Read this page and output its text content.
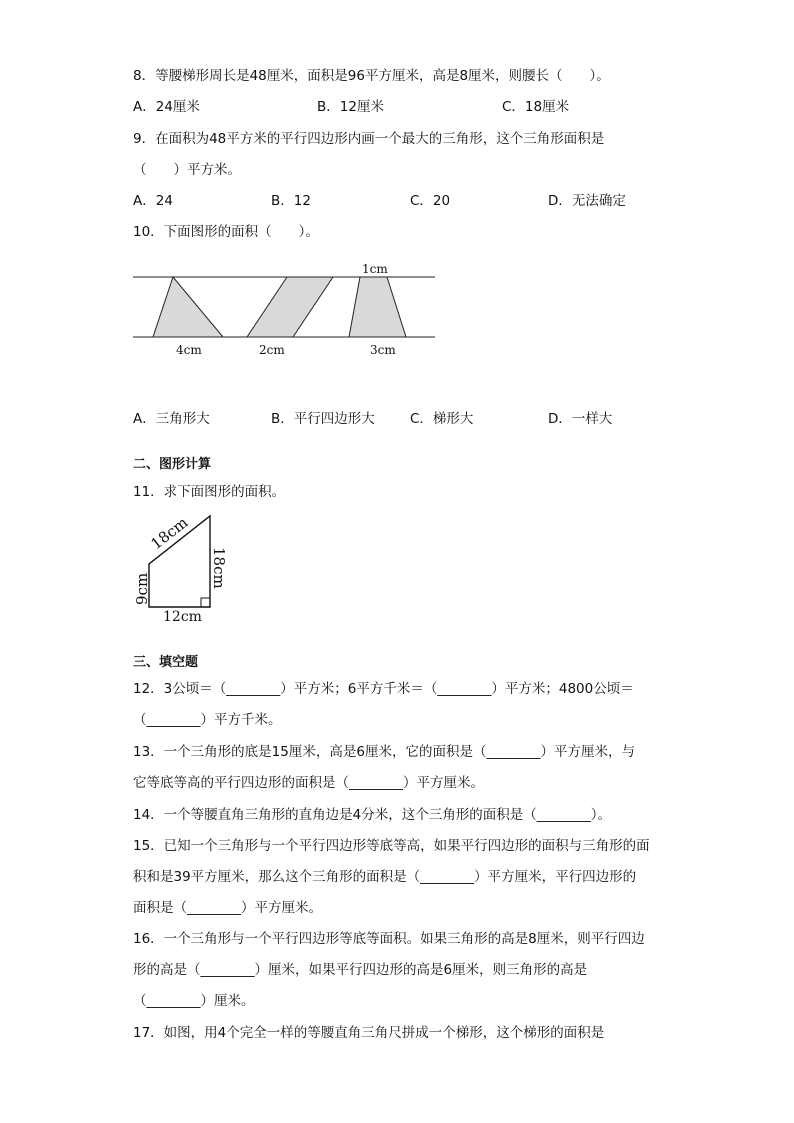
8．等腰梯形周长是48厘米，面积是96平方厘米，高是8厘米，则腰长（　　）。
A．24厘米	B．12厘米	C．18厘米
9．在面积为48平方米的平行四边形内画一个最大的三角形，这个三角形面积是
（　　）平方米。
A．24	B．12	C．20	D．无法确定
10．下面图形的面积（　　）。
1cm
4cm	2cm	3cm
A．三角形大	B．平行四边形大	C．梯形大	D．一样大
二、图形计算
11．求下面图形的面积。
18cm
18cm
9cm
12cm
三、填空题
12．3公顷＝（________）平方米；6平方千米＝（________）平方米；4800公顷＝
（________）平方千米。
13．一个三角形的底是15厘米，高是6厘米，它的面积是（________）平方厘米，与
它等底等高的平行四边形的面积是（________）平方厘米。
14．一个等腰直角三角形的直角边是4分米，这个三角形的面积是（________）。
15．已知一个三角形与一个平行四边形等底等高，如果平行四边形的面积与三角形的面
积和是39平方厘米，那么这个三角形的面积是（________）平方厘米，平行四边形的
面积是（________）平方厘米。
16．一个三角形与一个平行四边形等底等面积。如果三角形的高是8厘米，则平行四边
形的高是（________）厘米，如果平行四边形的高是6厘米，则三角形的高是
（________）厘米。
17．如图，用4个完全一样的等腰直角三角尺拼成一个梯形，这个梯形的面积是
